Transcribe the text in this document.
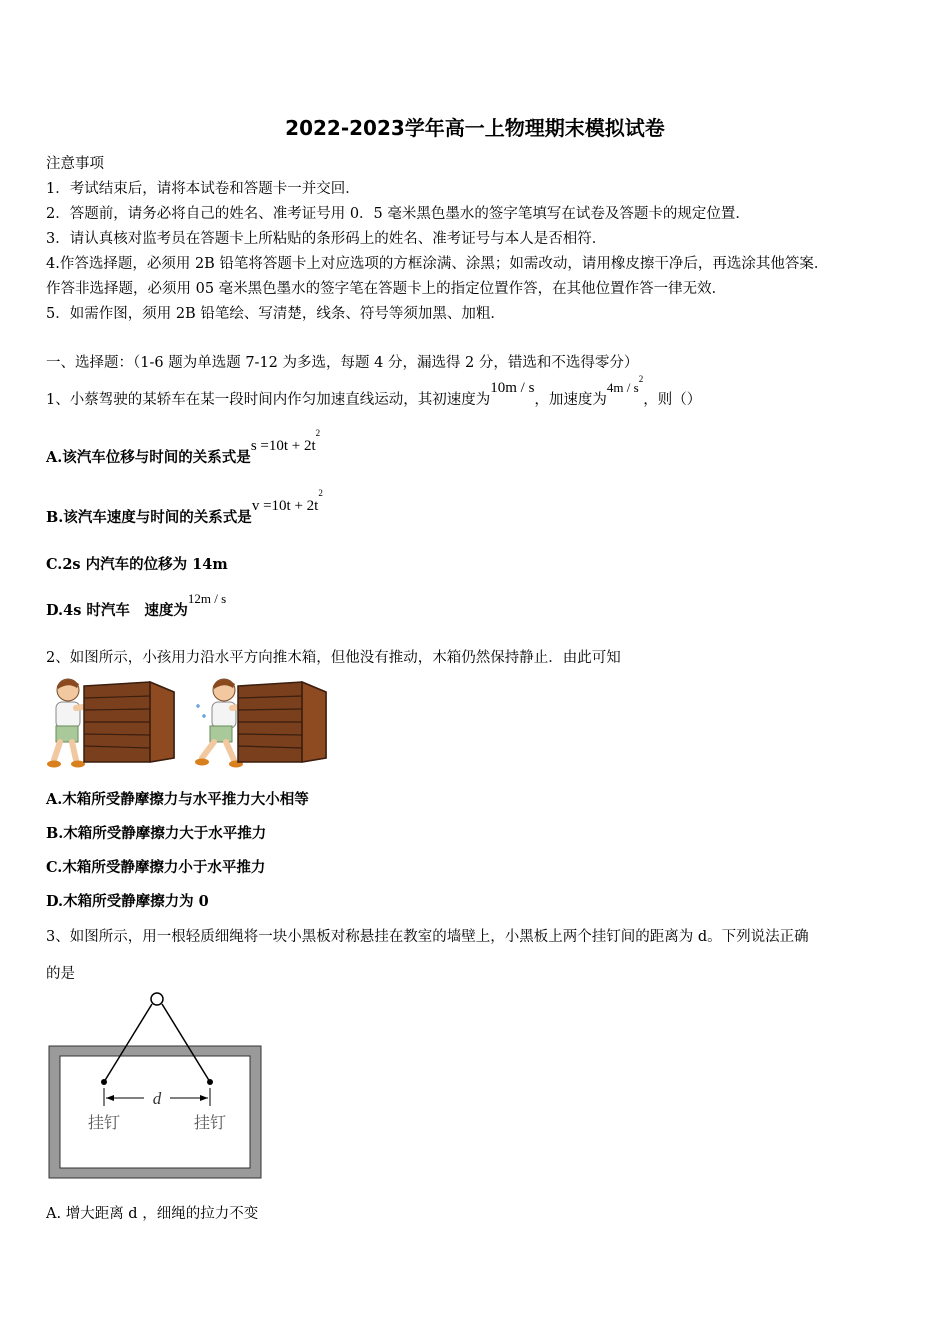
2022-2023学年高一上物理期末模拟试卷
注意事项
1．考试结束后，请将本试卷和答题卡一并交回．
2．答题前，请务必将自己的姓名、准考证号用 0．5 毫米黑色墨水的签字笔填写在试卷及答题卡的规定位置．
3．请认真核对监考员在答题卡上所粘贴的条形码上的姓名、准考证号与本人是否相符．
4.作答选择题，必须用 2B 铅笔将答题卡上对应选项的方框涂满、涂黑；如需改动，请用橡皮擦干净后，再选涂其他答案．
作答非选择题，必须用 05 毫米黑色墨水的签字笔在答题卡上的指定位置作答，在其他位置作答一律无效．
5．如需作图，须用 2B 铅笔绘、写清楚，线条、符号等须加黑、加粗．
一、选择题：（1-6 题为单选题 7-12 为多选，每题 4 分，漏选得 2 分，错选和不选得零分）
1、小蔡驾驶的某轿车在某一段时间内作匀加速直线运动，其初速度为10m / s，加速度为$4m / s^2$，则（）
A.该汽车位移与时间的关系式是$s =10t + 2t^2$
B.该汽车速度与时间的关系式是$v =10t + 2t^2$
C.2s 内汽车的位移为 14m
D.4s 时汽车　速度为12m / s
2、如图所示，小孩用力沿水平方向推木箱，但他没有推动，木箱仍然保持静止．由此可知
A.木箱所受静摩擦力与水平推力大小相等
B.木箱所受静摩擦力大于水平推力
C.木箱所受静摩擦力小于水平推力
D.木箱所受静摩擦力为 0
3、如图所示，用一根轻质细绳将一块小黑板对称悬挂在教室的墙壁上，小黑板上两个挂钉间的距离为 d。下列说法正确
的是
d
挂钉	挂钉
A. 增大距离 d ，细绳的拉力不变
